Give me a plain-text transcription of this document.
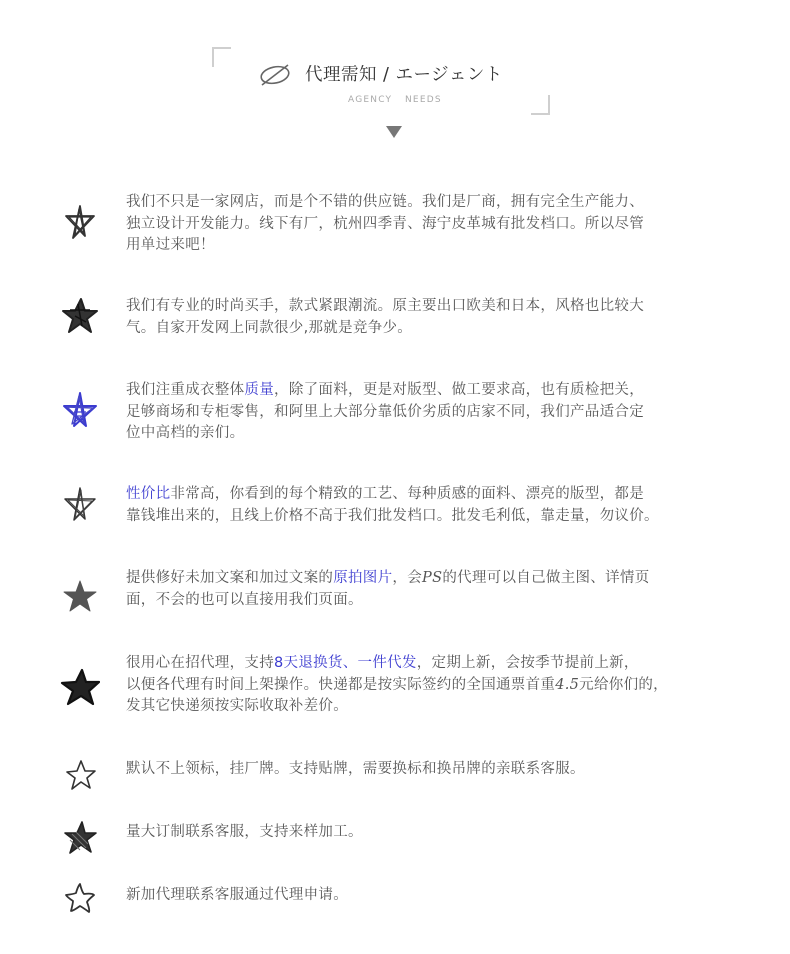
代理需知 / エージェント
AGENCY NEEDS
我们不只是一家网店，而是个不错的供应链。我们是厂商，拥有完全生产能力、
独立设计开发能力。线下有厂，杭州四季青、海宁皮革城有批发档口。所以尽管
用单过来吧！
我们有专业的时尚买手，款式紧跟潮流。原主要出口欧美和日本，风格也比较大
气。自家开发网上同款很少,那就是竞争少。
我们注重成衣整体质量，除了面料，更是对版型、做工要求高，也有质检把关，
足够商场和专柜零售，和阿里上大部分靠低价劣质的店家不同，我们产品适合定
位中高档的亲们。
性价比非常高，你看到的每个精致的工艺、每种质感的面料、漂亮的版型，都是
靠钱堆出来的，且线上价格不高于我们批发档口。批发毛利低，靠走量，勿议价。
提供修好未加文案和加过文案的原拍图片，会PS的代理可以自己做主图、详情页
面，不会的也可以直接用我们页面。
很用心在招代理，支持8天退换货、一件代发，定期上新，会按季节提前上新，
以便各代理有时间上架操作。快递都是按实际签约的全国通票首重4.5元给你们的，
发其它快递须按实际收取补差价。
默认不上领标，挂厂牌。支持贴牌，需要换标和换吊牌的亲联系客服。
量大订制联系客服，支持来样加工。
新加代理联系客服通过代理申请。
